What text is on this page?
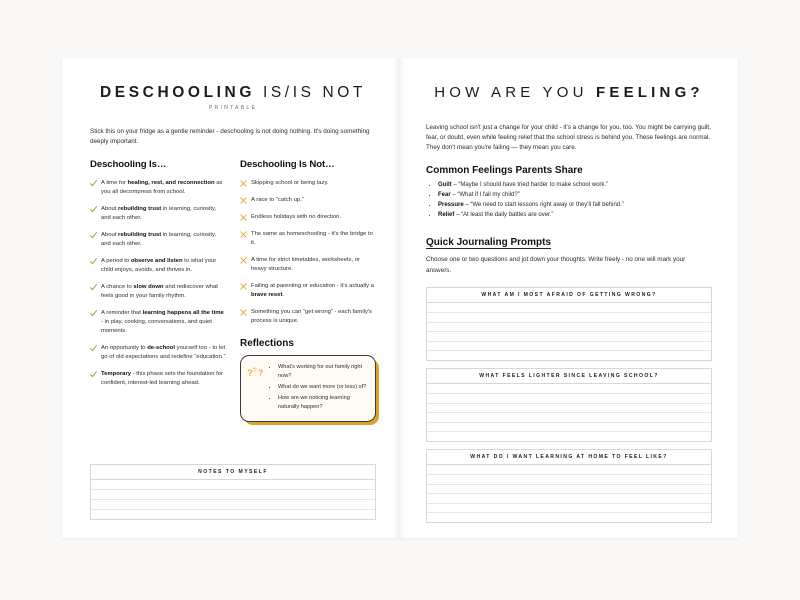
DESCHOOLING IS/IS NOT
PRINTABLE

Stick this on your fridge as a gentle reminder - deschooling is not doing nothing. It's doing something deeply important.

Deschooling Is…
A time for healing, rest, and reconnection as you all decompress from school.
About rebuilding trust in learning, curiosity, and each other.
About rebuilding trust in learning, curiosity, and each other.
A period to observe and listen to what your child enjoys, avoids, and thrives in.
A chance to slow down and rediscover what feels good in your family rhythm.
A reminder that learning happens all the time - in play, cooking, conversations, and quiet moments.
An opportunity to de-school yourself too - to let go of old expectations and redefine “education.”
Temporary - this phase sets the foundation for confident, interest-led learning ahead.
Deschooling Is Not…
Skipping school or being lazy.
A race to “catch up.”
Endless holidays with no direction.
The same as homeschooling - it's the bridge to it.
A time for strict timetables, worksheets, or heavy structure.
Failing at parenting or education - it's actually a brave reset.
Something you can “get wrong” - each family's process is unique.
Reflections
? ? ?
• What's working for our family right now?
• What do we want more (or less) of?
• How are we noticing learning naturally happen?
NOTES TO MYSELF
HOW ARE YOU FEELING?

Leaving school isn't just a change for your child - it's a change for you, too. You might be carrying guilt, fear, or doubt, even while feeling relief that the school stress is behind you. These feelings are normal. They don't mean you're failing — they mean you care.

Common Feelings Parents Share
• Guilt – “Maybe I should have tried harder to make school work.”
• Fear – “What if I fail my child?”
• Pressure – “We need to start lessons right away or they'll fall behind.”
• Relief – “At least the daily battles are over.”
Quick Journaling Prompts

Choose one or two questions and jot down your thoughts. Write freely - no one will mark your answers.

WHAT AM I MOST AFRAID OF GETTING WRONG?
WHAT FEELS LIGHTER SINCE LEAVING SCHOOL?
WHAT DO I WANT LEARNING AT HOME TO FEEL LIKE?
